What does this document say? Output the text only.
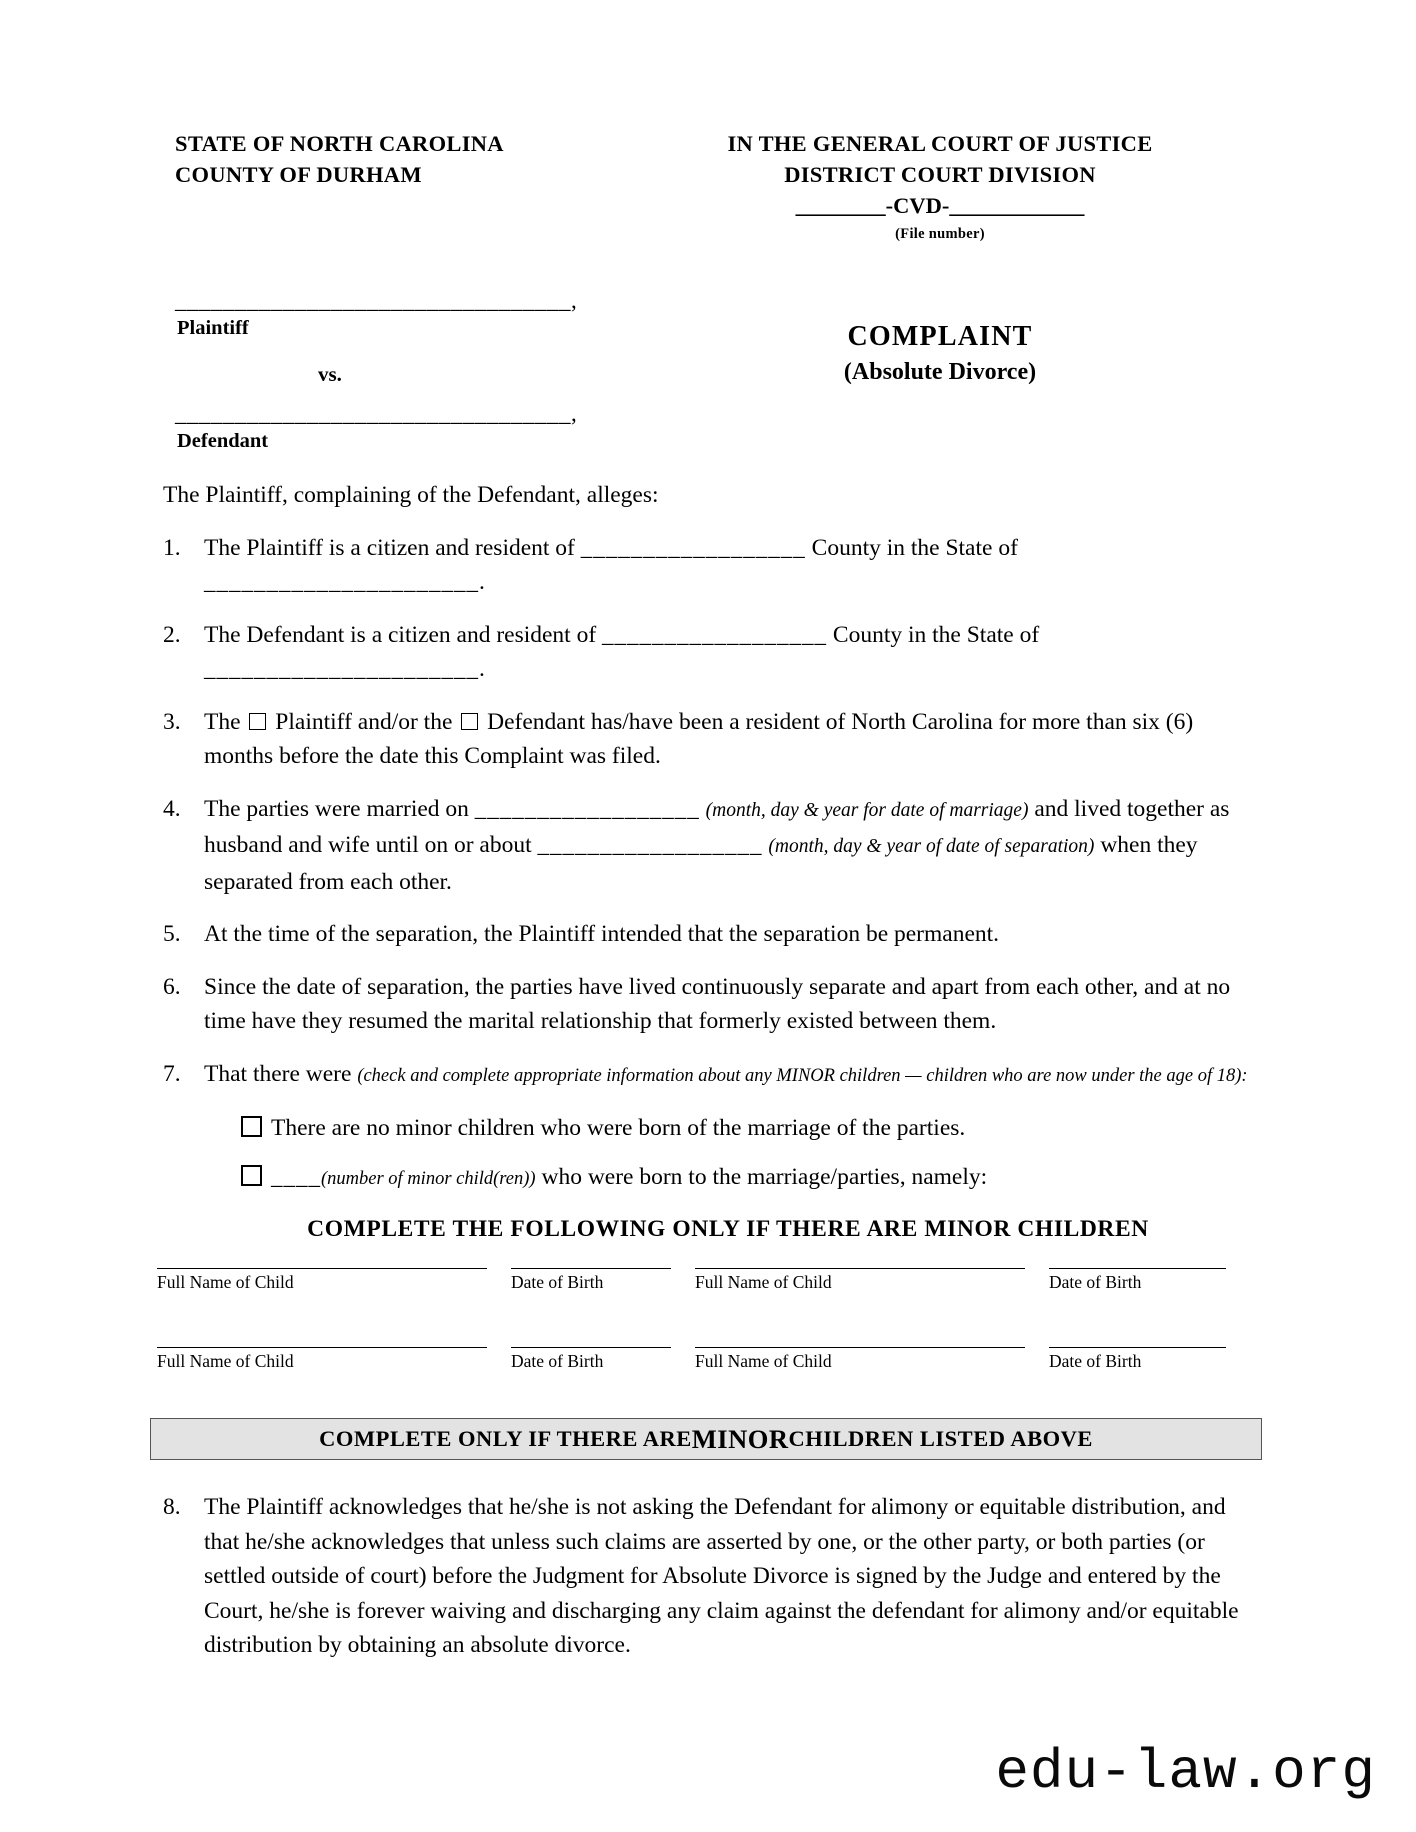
STATE OF NORTH CAROLINA
COUNTY OF DURHAM
IN THE GENERAL COURT OF JUSTICE
DISTRICT COURT DIVISION
________-CVD-____________
(File number)
_________________________________,
Plaintiff
vs.
_________________________________,
Defendant
COMPLAINT
(Absolute Divorce)

The Plaintiff, complaining of the Defendant, alleges:

1. The Plaintiff is a citizen and resident of __________________ County in the State of ______________________.
2. The Defendant is a citizen and resident of __________________ County in the State of ______________________.
3. The  Plaintiff and/or the  Defendant has/have been a resident of North Carolina for more than six (6) months before the date this Complaint was filed.
4. The parties were married on __________________ (month, day & year for date of marriage) and lived together as husband and wife until on or about __________________ (month, day & year of date of separation) when they separated from each other.
5. At the time of the separation, the Plaintiff intended that the separation be permanent.
6. Since the date of separation, the parties have lived continuously separate and apart from each other, and at no time have they resumed the marital relationship that formerly existed between them.
7. That there were (check and complete appropriate information about any MINOR children — children who are now under the age of 18):
There are no minor children who were born of the marriage of the parties.
____(number of minor child(ren)) who were born to the marriage/parties, namely:
COMPLETE THE FOLLOWING ONLY IF THERE ARE MINOR CHILDREN
Full Name of Child	Date of Birth	Full Name of Child	Date of Birth
Full Name of Child	Date of Birth	Full Name of Child	Date of Birth
COMPLETE ONLY IF THERE ARE MINOR CHILDREN LISTED ABOVE
8. The Plaintiff acknowledges that he/she is not asking the Defendant for alimony or equitable distribution, and that he/she acknowledges that unless such claims are asserted by one, or the other party, or both parties (or settled outside of court) before the Judgment for Absolute Divorce is signed by the Judge and entered by the Court, he/she is forever waiving and discharging any claim against the defendant for alimony and/or equitable distribution by obtaining an absolute divorce.
edu-law.org
